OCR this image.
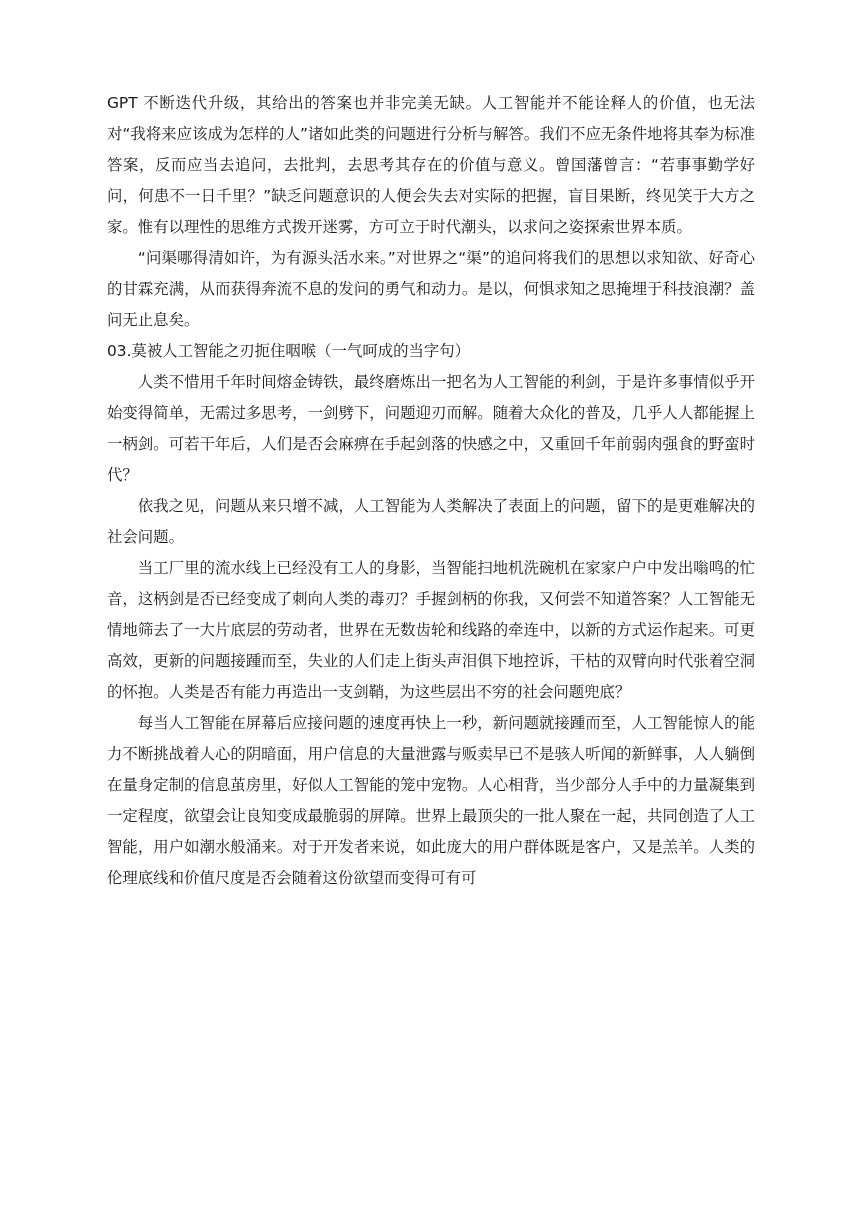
GPT 不断迭代升级，其给出的答案也并非完美无缺。人工智能并不能诠释人的价值，也无法对“我将来应该成为怎样的人”诸如此类的问题进行分析与解答。我们不应无条件地将其奉为标准答案，反而应当去追问，去批判，去思考其存在的价值与意义。曾国藩曾言：“若事事勤学好问，何患不一日千里？”缺乏问题意识的人便会失去对实际的把握，盲目果断，终见笑于大方之家。惟有以理性的思维方式拨开迷雾，方可立于时代潮头，以求问之姿探索世界本质。

“问渠哪得清如许，为有源头活水来。”对世界之“渠”的追问将我们的思想以求知欲、好奇心的甘霖充满，从而获得奔流不息的发问的勇气和动力。是以，何惧求知之思掩埋于科技浪潮？盖问无止息矣。

03.莫被人工智能之刃扼住咽喉（一气呵成的当字句）

人类不惜用千年时间熔金铸铁，最终磨炼出一把名为人工智能的利剑，于是许多事情似乎开始变得简单，无需过多思考，一剑劈下，问题迎刃而解。随着大众化的普及，几乎人人都能握上一柄剑。可若干年后，人们是否会麻痹在手起剑落的快感之中，又重回千年前弱肉强食的野蛮时代？

依我之见，问题从来只增不减，人工智能为人类解决了表面上的问题，留下的是更难解决的社会问题。

当工厂里的流水线上已经没有工人的身影，当智能扫地机洗碗机在家家户户中发出嗡鸣的忙音，这柄剑是否已经变成了刺向人类的毒刃？手握剑柄的你我，又何尝不知道答案？人工智能无情地筛去了一大片底层的劳动者，世界在无数齿轮和线路的牵连中，以新的方式运作起来。可更高效，更新的问题接踵而至，失业的人们走上街头声泪俱下地控诉，干枯的双臂向时代张着空洞的怀抱。人类是否有能力再造出一支剑鞘，为这些层出不穷的社会问题兜底？

每当人工智能在屏幕后应接问题的速度再快上一秒，新问题就接踵而至，人工智能惊人的能力不断挑战着人心的阴暗面，用户信息的大量泄露与贩卖早已不是骇人听闻的新鲜事，人人躺倒在量身定制的信息茧房里，好似人工智能的笼中宠物。人心相背，当少部分人手中的力量凝集到一定程度，欲望会让良知变成最脆弱的屏障。世界上最顶尖的一批人聚在一起，共同创造了人工智能，用户如潮水般涌来。对于开发者来说，如此庞大的用户群体既是客户，又是羔羊。人类的伦理底线和价值尺度是否会随着这份欲望而变得可有可
